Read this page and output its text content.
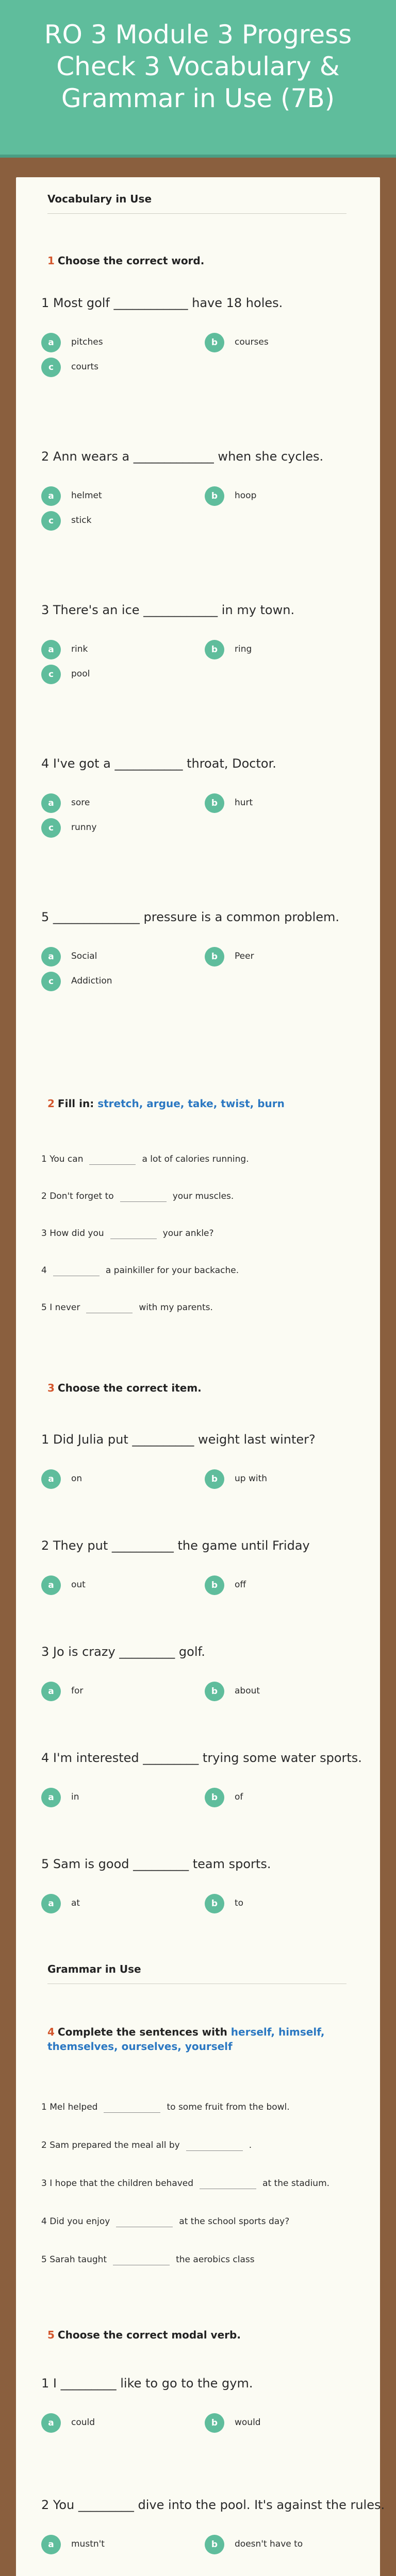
RO 3 Module 3 Progress Check 3 Vocabulary & Grammar in Use (7B)
Vocabulary in Use
1 Choose the correct word.
1 Most golf ____________ have 18 holes.
a	pitches	b	courses
c	courts
2 Ann wears a _____________ when she cycles.
a	helmet	b	hoop
c	stick
3 There's an ice ____________ in my town.
a	rink	b	ring
c	pool
4 I've got a ___________ throat, Doctor.
a	sore	b	hurt
c	runny
5 ______________ pressure is a common problem.
a	Social	b	Peer
c	Addiction
2 Fill in: stretch, argue, take, twist, burn
1 You can	a lot of calories running.
2 Don't forget to	your muscles.
3 How did you	your ankle?
4	a painkiller for your backache.
5 I never	with my parents.
3 Choose the correct item.
1 Did Julia put __________ weight last winter?
a	on	b	up with
2 They put __________ the game until Friday
a	out	b	off
3 Jo is crazy _________ golf.
a	for	b	about
4 I'm interested _________ trying some water sports.
a	in	b	of
5 Sam is good _________ team sports.
a	at	b	to
Grammar in Use
4 Complete the sentences with herself, himself, themselves, ourselves, yourself
1 Mel helped	to some fruit from the bowl.
2 Sam prepared the meal all by	.
3 I hope that the children behaved	at the stadium.
4 Did you enjoy	at the school sports day?
5 Sarah taught	the aerobics class
5 Choose the correct modal verb.
1 I _________ like to go to the gym.
a	could	b	would
2 You _________ dive into the pool. It's against the rules.
a	mustn't	b	doesn't have to
